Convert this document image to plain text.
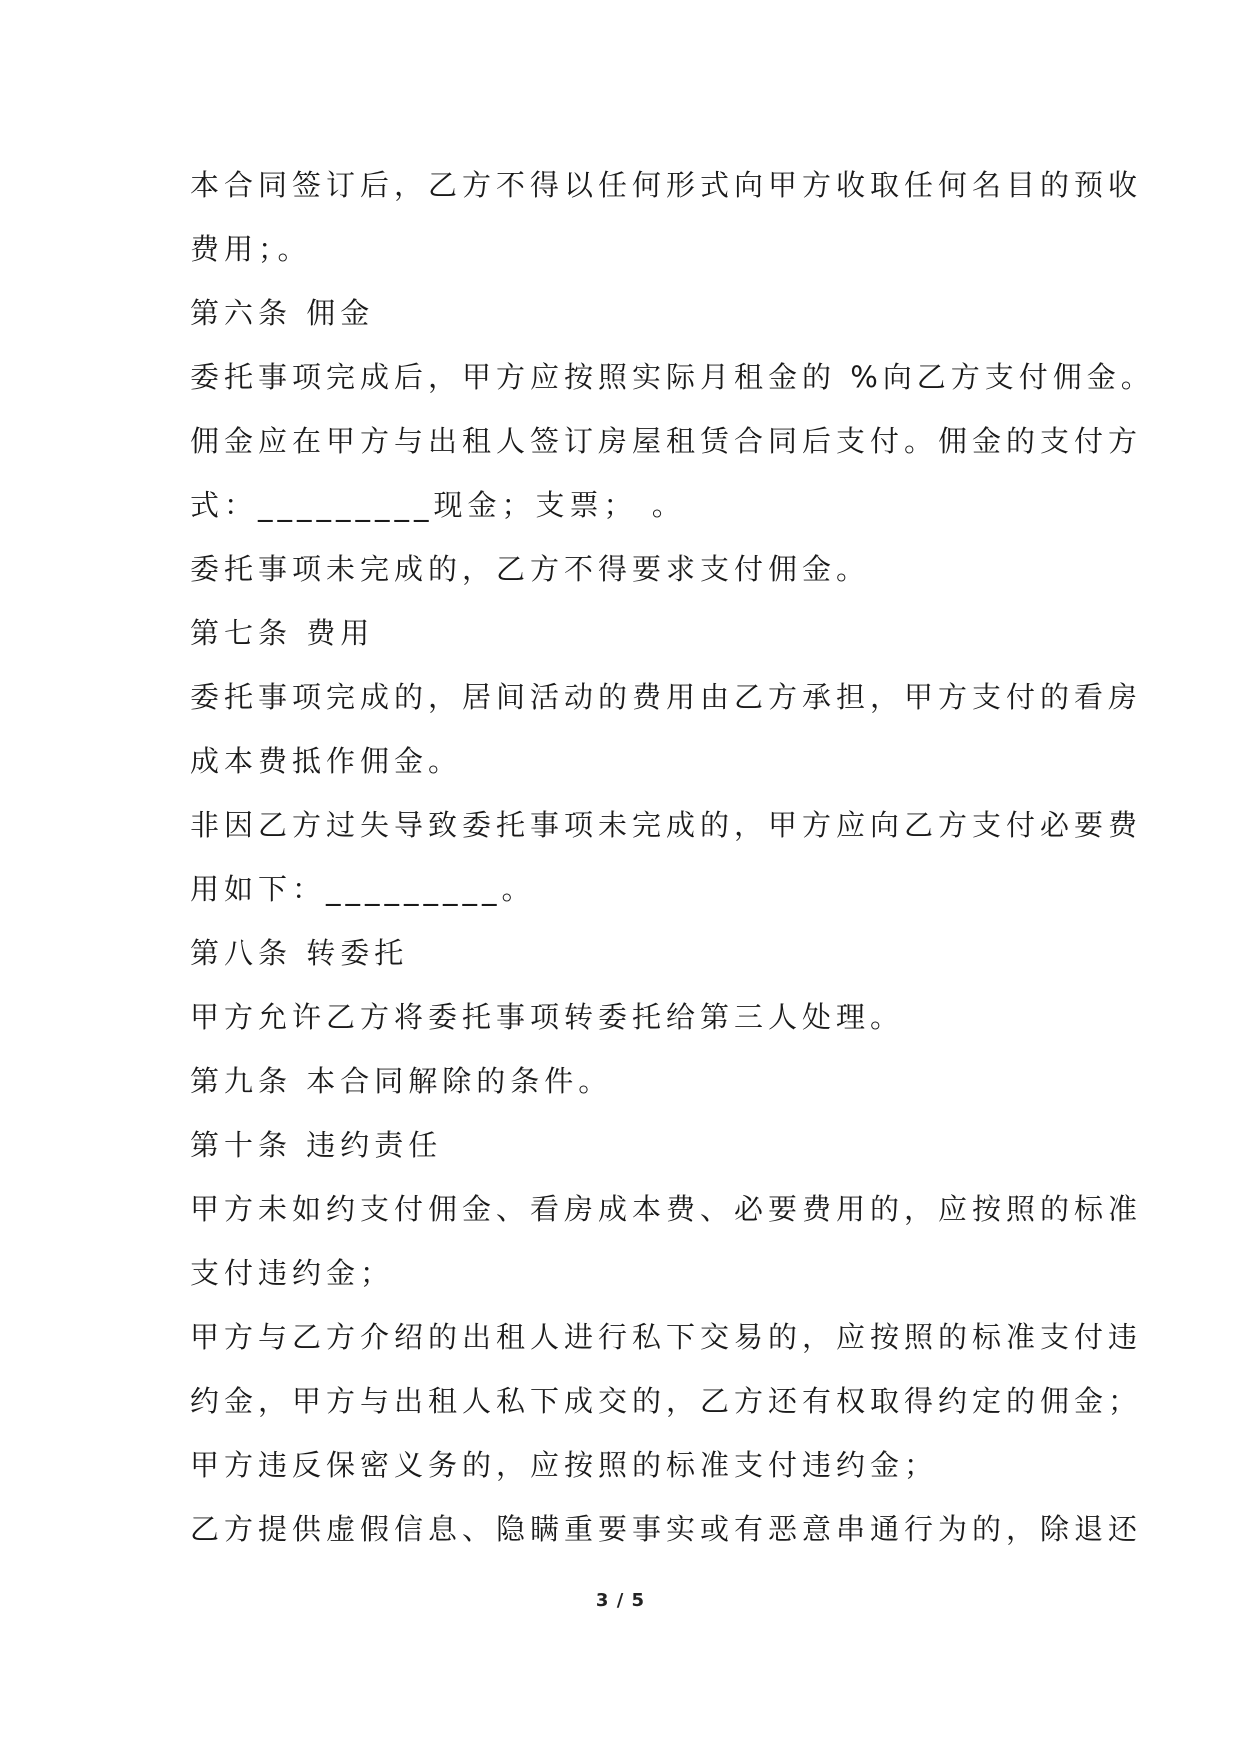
本合同签订后，乙方不得以任何形式向甲方收取任何名目的预收
费用；。
第六条 佣金
委托事项完成后，甲方应按照实际月租金的 %向乙方支付佣金。
佣金应在甲方与出租人签订房屋租赁合同后支付。佣金的支付方
式：_________现金；支票； 。
委托事项未完成的，乙方不得要求支付佣金。
第七条 费用
委托事项完成的，居间活动的费用由乙方承担，甲方支付的看房
成本费抵作佣金。
非因乙方过失导致委托事项未完成的，甲方应向乙方支付必要费
用如下：_________。
第八条 转委托
甲方允许乙方将委托事项转委托给第三人处理。
第九条 本合同解除的条件。
第十条 违约责任
甲方未如约支付佣金、看房成本费、必要费用的，应按照的标准
支付违约金；
甲方与乙方介绍的出租人进行私下交易的，应按照的标准支付违
约金，甲方与出租人私下成交的，乙方还有权取得约定的佣金；
甲方违反保密义务的，应按照的标准支付违约金；
乙方提供虚假信息、隐瞒重要事实或有恶意串通行为的，除退还
3 / 5
